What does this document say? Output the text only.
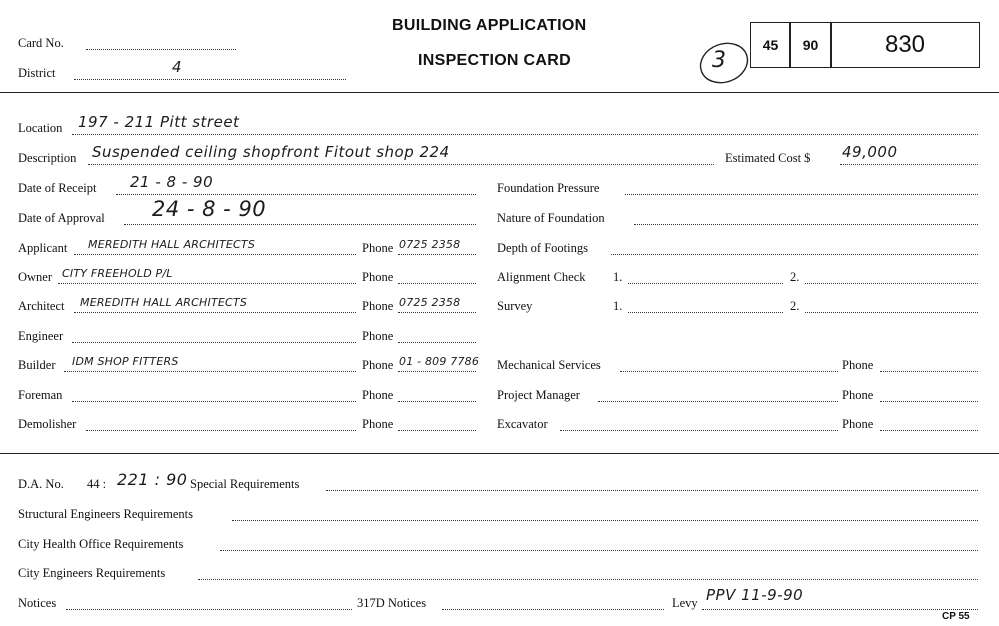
Card No.
District	4
BUILDING APPLICATION
INSPECTION CARD	3
45	90	830
Location 197 - 211 Pitt street
Description Suspended ceiling shopfront Fitout shop 224	Estimated Cost $ 49,000
Date of Receipt 21 - 8 - 90	Foundation Pressure
Date of Approval 24 - 8 - 90	Nature of Foundation
Applicant MEREDITH HALL ARCHITECTS	Phone 0725 2358	Depth of Footings
Owner CITY FREEHOLD P/L	Phone	Alignment Check 1.	2.
Architect MEREDITH HALL ARCHITECTS	Phone 0725 2358	Survey	1.	2.
Engineer	Phone
Builder IDM SHOP FITTERS	Phone 01 - 809 7786 Mechanical Services	Phone
Foreman	Phone	Project Manager	Phone
Demolisher	Phone	Excavator	Phone
D.A. No. 44 : 221 : 90 Special Requirements
Structural Engineers Requirements
City Health Office Requirements
City Engineers Requirements
Notices	317D Notices	Levy PPV 11-9-90
CP 55
